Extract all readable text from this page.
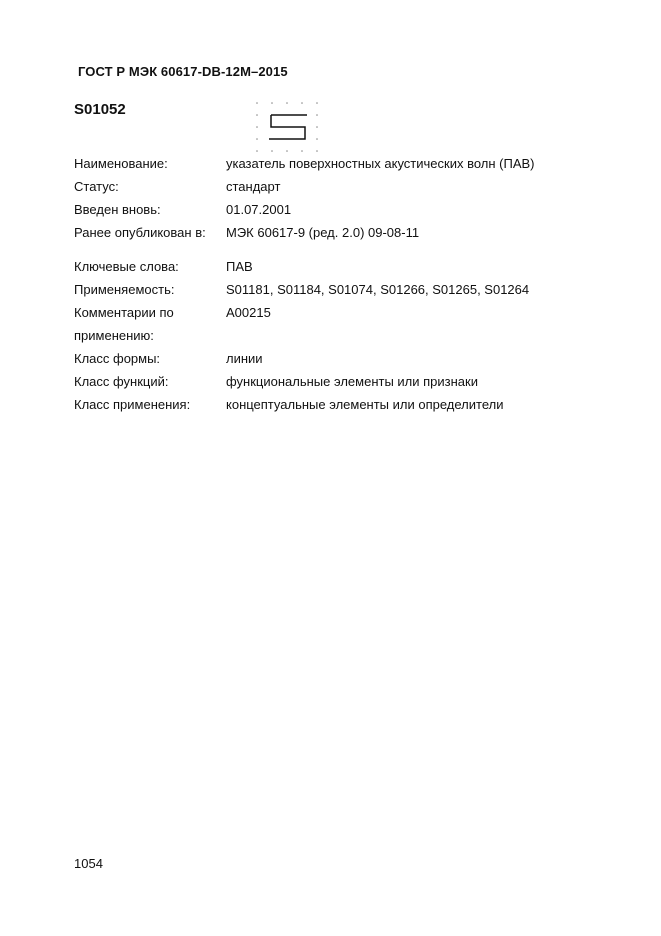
ГОСТ Р МЭК 60617-DB-12M–2015
S01052
Наименование:	указатель поверхностных акустических волн (ПАВ)
Статус:	стандарт
Введен вновь:	01.07.2001
Ранее опубликован в:	МЭК 60617-9 (ред. 2.0) 09-08-11
Ключевые слова:	ПАВ
Применяемость:	S01181, S01184, S01074, S01266, S01265, S01264
Комментарии по применению:
A00215
Класс формы:	линии
Класс функций:	функциональные элементы или признаки
Класс применения:	концептуальные элементы или определители
1054
